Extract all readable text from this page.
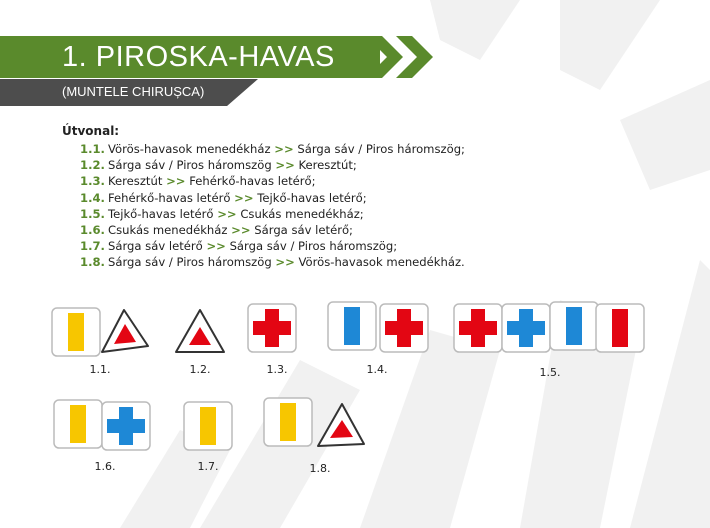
1. PIROSKA-HAVAS
(MUNTELE CHIRUȘCA)
Útvonal:
1.1. Vörös-havasok menedékház >> Sárga sáv / Piros háromszög;
1.2. Sárga sáv / Piros háromszög >> Keresztút;
1.3. Keresztút >> Fehérkő-havas letérő;
1.4. Fehérkő-havas letérő >> Tejkő-havas letérő;
1.5. Tejkő-havas letérő >> Csukás menedékház;
1.6. Csukás menedékház >> Sárga sáv letérő;
1.7. Sárga sáv letérő >> Sárga sáv / Piros háromszög;
1.8. Sárga sáv / Piros háromszög >> Vörös-havasok menedékház.
1.1.	1.2.	1.3.	1.4.	1.5.
1.6.	1.7.	1.8.
